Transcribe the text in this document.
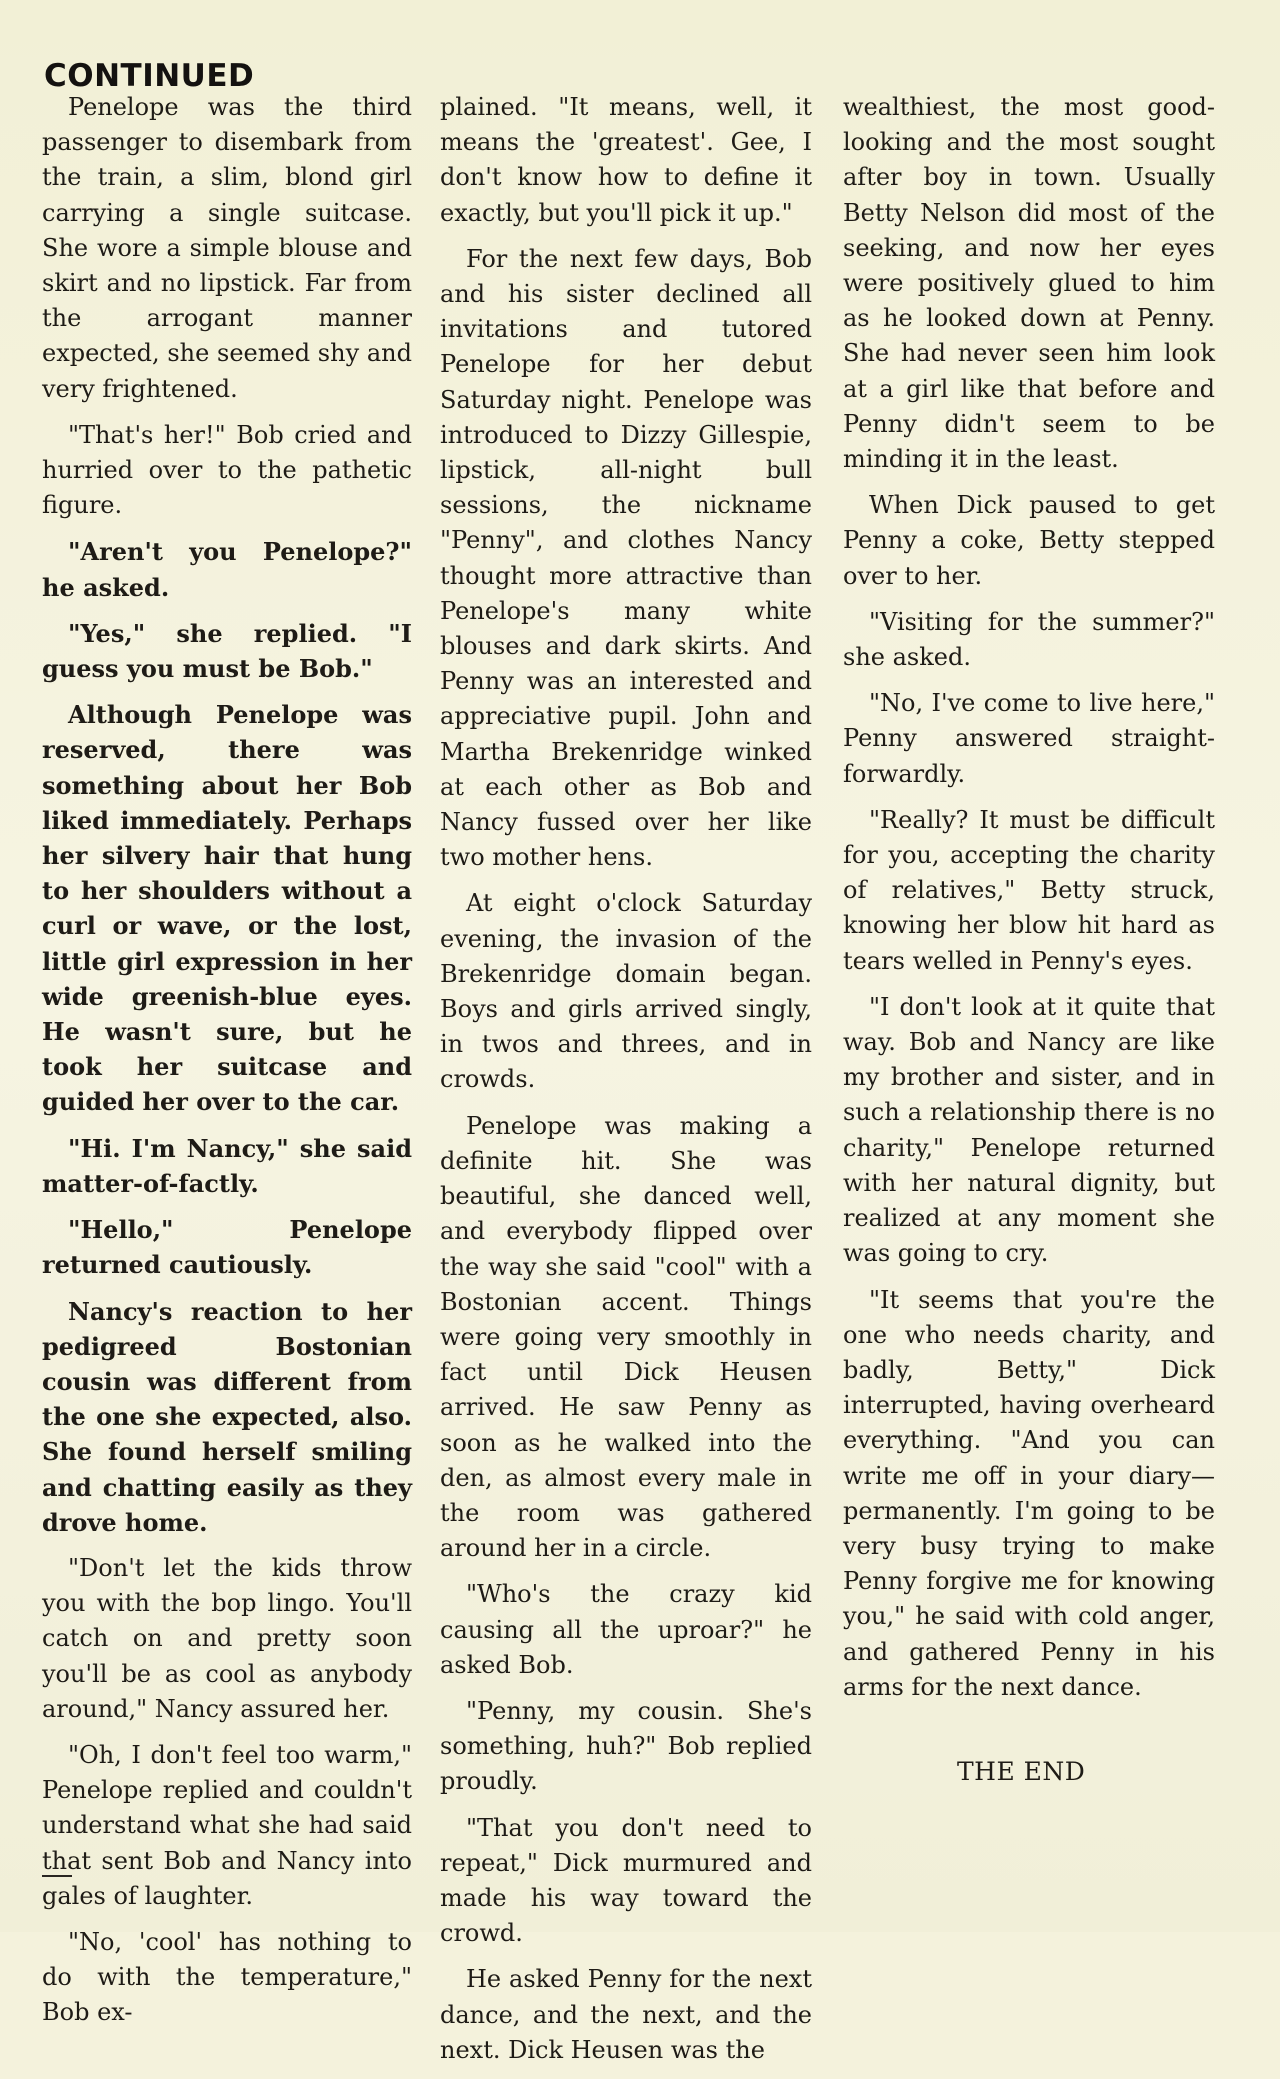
CONTINUED

Penelope was the third passenger to disembark from the train, a slim, blond girl carrying a single suitcase. She wore a simple blouse and skirt and no lipstick. Far from the arrogant manner expected, she seemed shy and very frightened.

"That's her!" Bob cried and hurried over to the pathetic figure.

"Aren't you Penelope?" he asked.

"Yes," she replied. "I guess you must be Bob."

Although Penelope was reserved, there was something about her Bob liked immediately. Perhaps her silvery hair that hung to her shoulders without a curl or wave, or the lost, little girl expression in her wide greenish-blue eyes. He wasn't sure, but he took her suitcase and guided her over to the car.

"Hi. I'm Nancy," she said matter-of-factly.

"Hello," Penelope returned cautiously.

Nancy's reaction to her pedigreed Bostonian cousin was different from the one she expected, also. She found herself smiling and chatting easily as they drove home.

"Don't let the kids throw you with the bop lingo. You'll catch on and pretty soon you'll be as cool as anybody around," Nancy assured her.

"Oh, I don't feel too warm," Penelope replied and couldn't understand what she had said that sent Bob and Nancy into gales of laughter.

"No, 'cool' has nothing to do with the temperature," Bob ex-

plained. "It means, well, it means the 'greatest'. Gee, I don't know how to define it exactly, but you'll pick it up."

For the next few days, Bob and his sister declined all invitations and tutored Penelope for her debut Saturday night. Penelope was introduced to Dizzy Gillespie, lipstick, all-night bull sessions, the nickname "Penny", and clothes Nancy thought more attractive than Penelope's many white blouses and dark skirts. And Penny was an interested and appreciative pupil. John and Martha Brekenridge winked at each other as Bob and Nancy fussed over her like two mother hens.

At eight o'clock Saturday evening, the invasion of the Brekenridge domain began. Boys and girls arrived singly, in twos and threes, and in crowds.

Penelope was making a definite hit. She was beautiful, she danced well, and everybody flipped over the way she said "cool" with a Bostonian accent. Things were going very smoothly in fact until Dick Heusen arrived. He saw Penny as soon as he walked into the den, as almost every male in the room was gathered around her in a circle.

"Who's the crazy kid causing all the uproar?" he asked Bob.

"Penny, my cousin. She's something, huh?" Bob replied proudly.

"That you don't need to repeat," Dick murmured and made his way toward the crowd.

He asked Penny for the next dance, and the next, and the next. Dick Heusen was the

wealthiest, the most good-looking and the most sought after boy in town. Usually Betty Nelson did most of the seeking, and now her eyes were positively glued to him as he looked down at Penny. She had never seen him look at a girl like that before and Penny didn't seem to be minding it in the least.

When Dick paused to get Penny a coke, Betty stepped over to her.

"Visiting for the summer?" she asked.

"No, I've come to live here," Penny answered straight-forwardly.

"Really? It must be difficult for you, accepting the charity of relatives," Betty struck, knowing her blow hit hard as tears welled in Penny's eyes.

"I don't look at it quite that way. Bob and Nancy are like my brother and sister, and in such a relationship there is no charity," Penelope returned with her natural dignity, but realized at any moment she was going to cry.

"It seems that you're the one who needs charity, and badly, Betty," Dick interrupted, having overheard everything. "And you can write me off in your diary—permanently. I'm going to be very busy trying to make Penny forgive me for knowing you," he said with cold anger, and gathered Penny in his arms for the next dance.

THE END
